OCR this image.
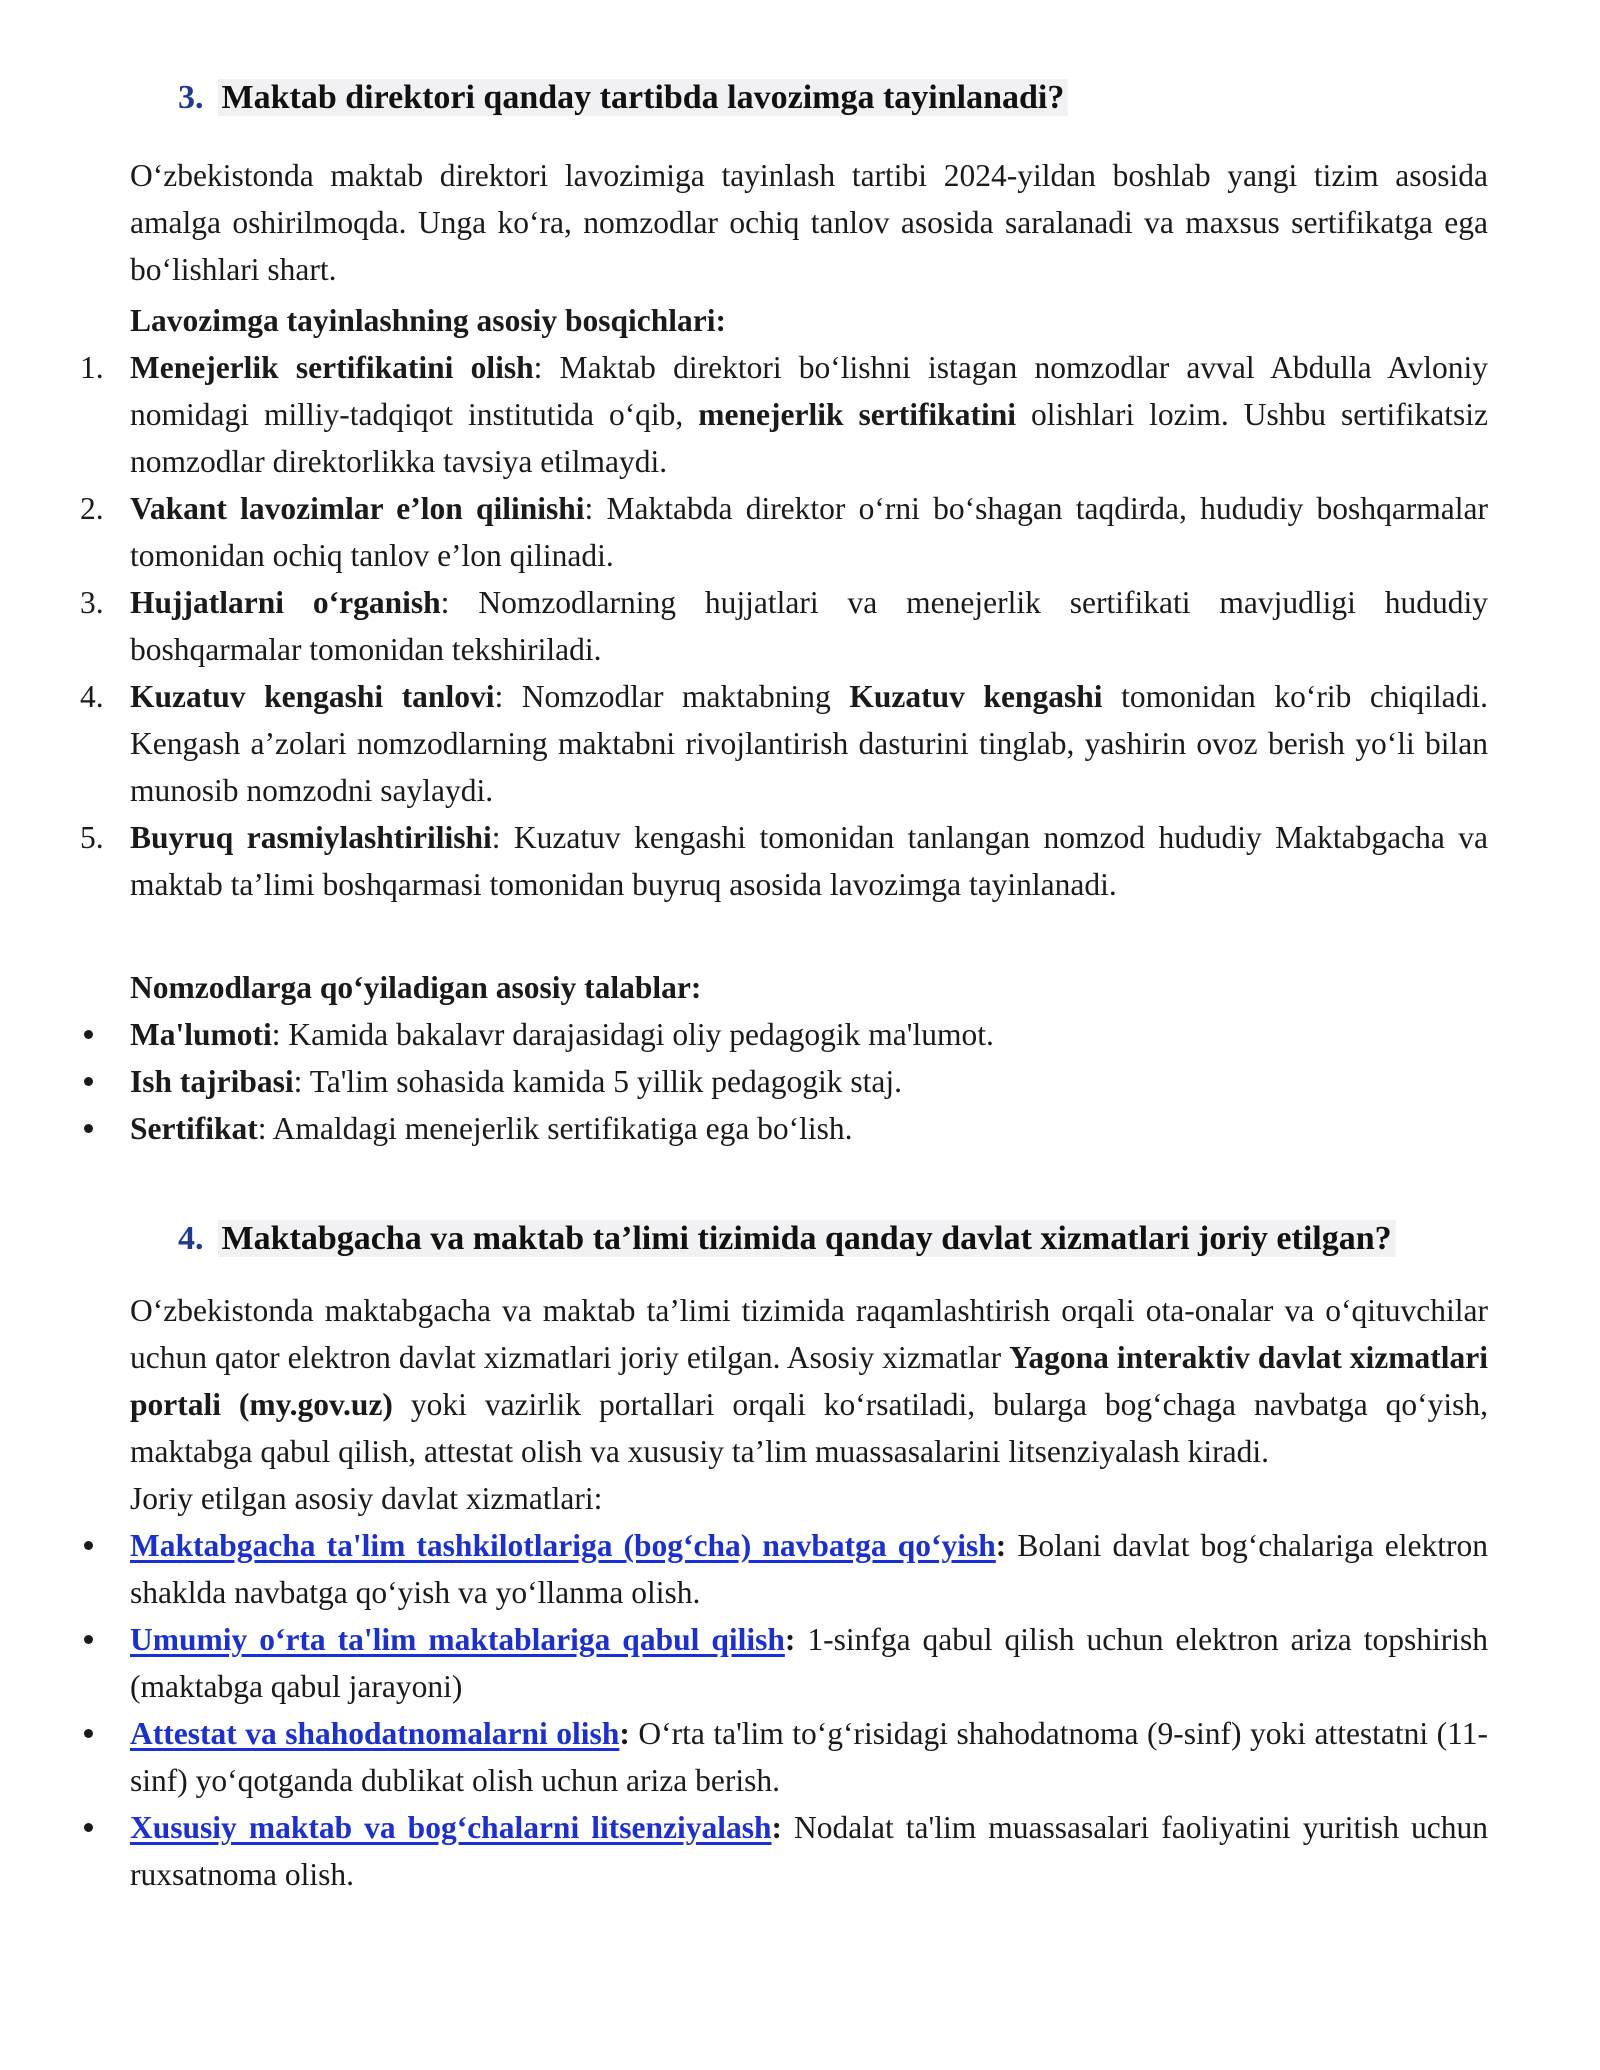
3. Maktab direktori qanday tartibda lavozimga tayinlanadi?
O‘zbekistonda maktab direktori lavozimiga tayinlash tartibi 2024-yildan boshlab yangi tizim asosida amalga oshirilmoqda. Unga ko‘ra, nomzodlar ochiq tanlov asosida saralanadi va maxsus sertifikatga ega bo‘lishlari shart.
Lavozimga tayinlashning asosiy bosqichlari:
1. Menejerlik sertifikatini olish: Maktab direktori bo‘lishni istagan nomzodlar avval Abdulla Avloniy nomidagi milliy-tadqiqot institutida o‘qib, menejerlik sertifikatini olishlari lozim. Ushbu sertifikatsiz nomzodlar direktorlikka tavsiya etilmaydi.
2. Vakant lavozimlar e’lon qilinishi: Maktabda direktor o‘rni bo‘shagan taqdirda, hududiy boshqarmalar tomonidan ochiq tanlov e’lon qilinadi.
3. Hujjatlarni o‘rganish: Nomzodlarning hujjatlari va menejerlik sertifikati mavjudligi hududiy boshqarmalar tomonidan tekshiriladi.
4. Kuzatuv kengashi tanlovi: Nomzodlar maktabning Kuzatuv kengashi tomonidan ko‘rib chiqiladi. Kengash a’zolari nomzodlarning maktabni rivojlantirish dasturini tinglab, yashirin ovoz berish yo‘li bilan munosib nomzodni saylaydi.
5. Buyruq rasmiylashtirilishi: Kuzatuv kengashi tomonidan tanlangan nomzod hududiy Maktabgacha va maktab ta’limi boshqarmasi tomonidan buyruq asosida lavozimga tayinlanadi.
Nomzodlarga qo‘yiladigan asosiy talablar:
Ma'lumoti: Kamida bakalavr darajasidagi oliy pedagogik ma'lumot.
Ish tajribasi: Ta'lim sohasida kamida 5 yillik pedagogik staj.
Sertifikat: Amaldagi menejerlik sertifikatiga ega bo‘lish.
4. Maktabgacha va maktab ta’limi tizimida qanday davlat xizmatlari joriy etilgan?
O‘zbekistonda maktabgacha va maktab ta’limi tizimida raqamlashtirish orqali ota-onalar va o‘qituvchilar uchun qator elektron davlat xizmatlari joriy etilgan. Asosiy xizmatlar Yagona interaktiv davlat xizmatlari portali (my.gov.uz) yoki vazirlik portallari orqali ko‘rsatiladi, bularga bog‘chaga navbatga qo‘yish, maktabga qabul qilish, attestat olish va xususiy ta’lim muassasalarini litsenziyalash kiradi.
Joriy etilgan asosiy davlat xizmatlari:
Maktabgacha ta'lim tashkilotlariga (bog‘cha) navbatga qo‘yish: Bolani davlat bog‘chalariga elektron shaklda navbatga qo‘yish va yo‘llanma olish.
Umumiy o‘rta ta'lim maktablariga qabul qilish: 1-sinfga qabul qilish uchun elektron ariza topshirish (maktabga qabul jarayoni)
Attestat va shahodatnomalarni olish: O‘rta ta'lim to‘g‘risidagi shahodatnoma (9-sinf) yoki attestatni (11-sinf) yo‘qotganda dublikat olish uchun ariza berish.
Xususiy maktab va bog‘chalarni litsenziyalash: Nodalat ta'lim muassasalari faoliyatini yuritish uchun ruxsatnoma olish.
